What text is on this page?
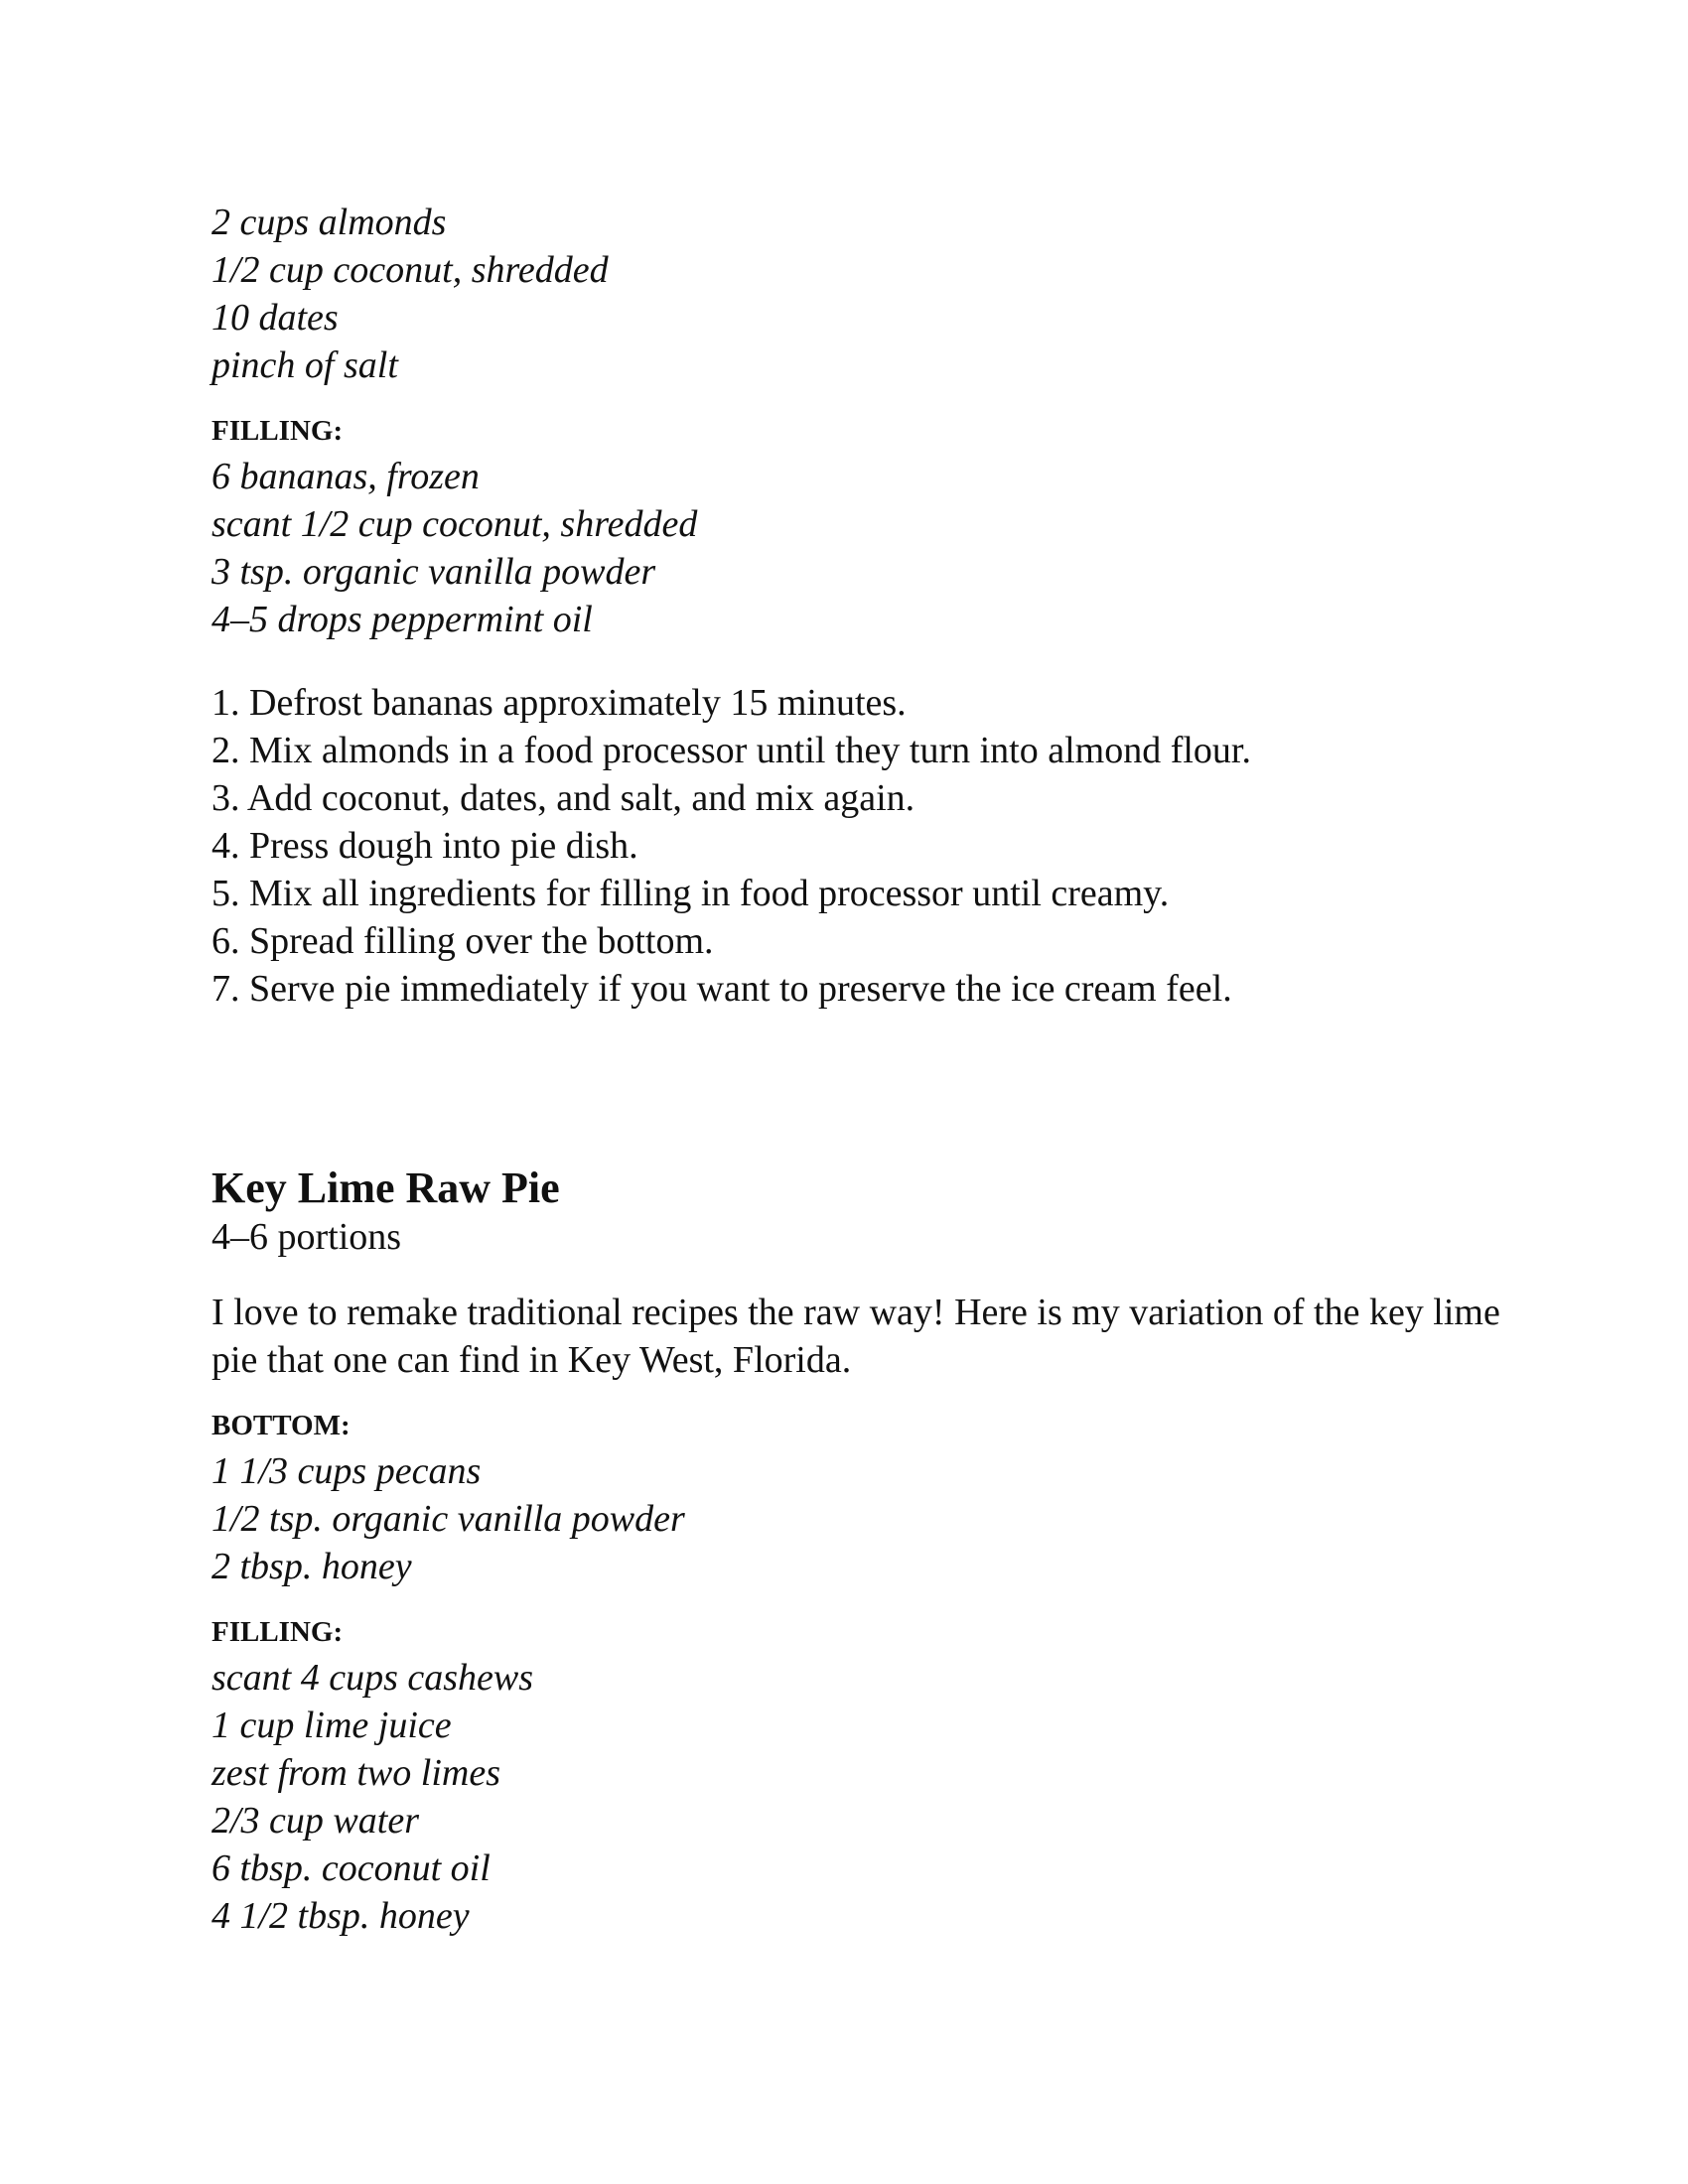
2 cups almonds
1/2 cup coconut, shredded
10 dates
pinch of salt
FILLING:
6 bananas, frozen
scant 1/2 cup coconut, shredded
3 tsp. organic vanilla powder
4–5 drops peppermint oil
1. Defrost bananas approximately 15 minutes.
2. Mix almonds in a food processor until they turn into almond flour.
3. Add coconut, dates, and salt, and mix again.
4. Press dough into pie dish.
5. Mix all ingredients for filling in food processor until creamy.
6. Spread filling over the bottom.
7. Serve pie immediately if you want to preserve the ice cream feel.
Key Lime Raw Pie

4–6 portions

I love to remake traditional recipes the raw way! Here is my variation of the key lime pie that one can find in Key West, Florida.

BOTTOM:
1 1/3 cups pecans
1/2 tsp. organic vanilla powder
2 tbsp. honey
FILLING:
scant 4 cups cashews
1 cup lime juice
zest from two limes
2/3 cup water
6 tbsp. coconut oil
4 1/2 tbsp. honey
